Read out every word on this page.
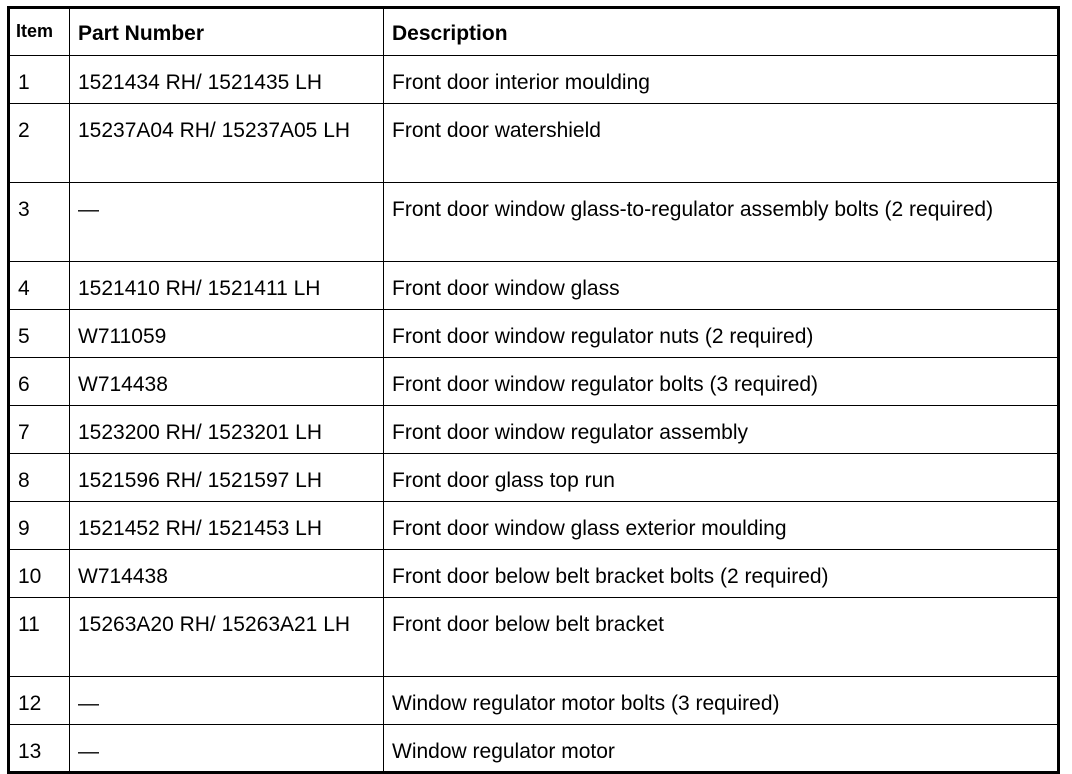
Item	Part Number	Description
1	1521434 RH/ 1521435 LH	Front door interior moulding
2	15237A04 RH/ 15237A05 LH	Front door watershield
3	—	Front door window glass-to-regulator assembly bolts (2 required)
4	1521410 RH/ 1521411 LH	Front door window glass
5	W711059	Front door window regulator nuts (2 required)
6	W714438	Front door window regulator bolts (3 required)
7	1523200 RH/ 1523201 LH	Front door window regulator assembly
8	1521596 RH/ 1521597 LH	Front door glass top run
9	1521452 RH/ 1521453 LH	Front door window glass exterior moulding
10	W714438	Front door below belt bracket bolts (2 required)
11	15263A20 RH/ 15263A21 LH	Front door below belt bracket
12	—	Window regulator motor bolts (3 required)
13	—	Window regulator motor
